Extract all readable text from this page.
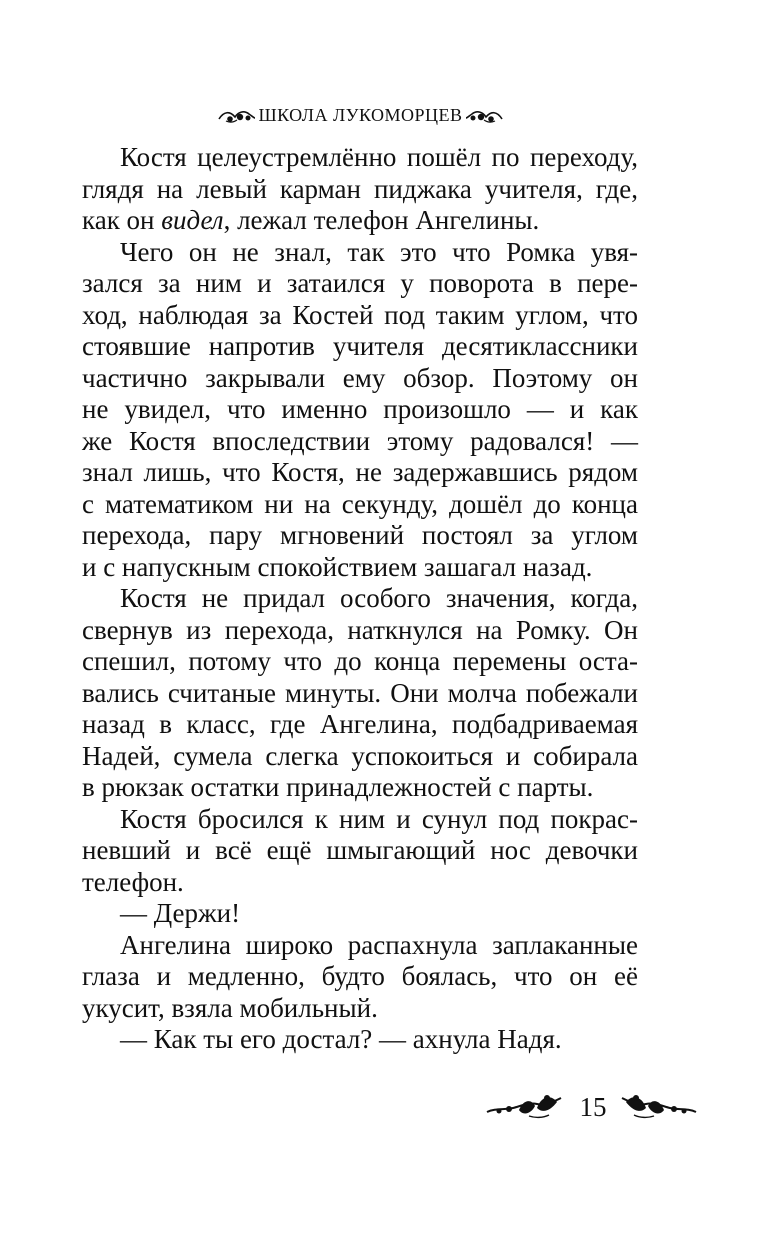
ШКОЛА ЛУКОМОРЦЕВ
Костя целеустремлённо пошёл по переходу,
глядя на левый карман пиджака учителя, где,
как он видел, лежал телефон Ангелины.
Чего он не знал, так это что Ромка увя-
зался за ним и затаился у поворота в пере-
ход, наблюдая за Костей под таким углом, что
стоявшие напротив учителя десятиклассники
частично закрывали ему обзор. Поэтому он
не увидел, что именно произошло — и как
же Костя впоследствии этому радовался! —
знал лишь, что Костя, не задержавшись рядом
с математиком ни на секунду, дошёл до конца
перехода, пару мгновений постоял за углом
и с напускным спокойствием зашагал назад.
Костя не придал особого значения, когда,
свернув из перехода, наткнулся на Ромку. Он
спешил, потому что до конца перемены оста-
вались считаные минуты. Они молча побежали
назад в класс, где Ангелина, подбадриваемая
Надей, сумела слегка успокоиться и собирала
в рюкзак остатки принадлежностей с парты.
Костя бросился к ним и сунул под покрас-
невший и всё ещё шмыгающий нос девочки
телефон.
— Держи!
Ангелина широко распахнула заплаканные
глаза и медленно, будто боялась, что он её
укусит, взяла мобильный.
— Как ты его достал? — ахнула Надя.
15
